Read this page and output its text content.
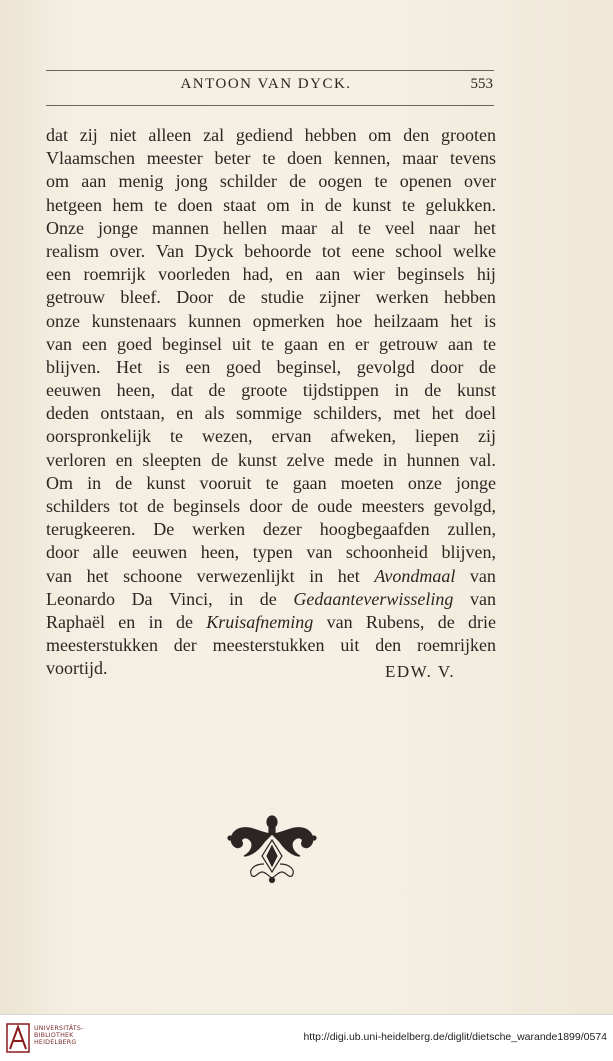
ANTOON VAN DYCK.	553
dat zij niet alleen zal gediend hebben om den grooten
Vlaamschen meester beter te doen kennen, maar tevens
om aan menig jong schilder de oogen te openen over
hetgeen hem te doen staat om in de kunst te gelukken.
Onze jonge mannen hellen maar al te veel naar het
realism over. Van Dyck behoorde tot eene school welke
een roemrijk voorleden had, en aan wier beginsels hij
getrouw bleef. Door de studie zijner werken hebben
onze kunstenaars kunnen opmerken hoe heilzaam het is
van een goed beginsel uit te gaan en er getrouw aan te
blijven. Het is een goed beginsel, gevolgd door de
eeuwen heen, dat de groote tijdstippen in de kunst
deden ontstaan, en als sommige schilders, met het doel
oorspronkelijk te wezen, ervan afweken, liepen zij
verloren en sleepten de kunst zelve mede in hunnen val.
Om in de kunst vooruit te gaan moeten onze jonge
schilders tot de beginsels door de oude meesters gevolgd,
terugkeeren. De werken dezer hoogbegaafden zullen,
door alle eeuwen heen, typen van schoonheid blijven,
van het schoone verwezenlijkt in het Avondmaal van
Leonardo Da Vinci, in de Gedaanteverwisseling van
Raphaël en in de Kruisafneming van Rubens, de drie
meesterstukken der meesterstukken uit den roemrijken
voortijd.	EDW. V.
UNIVERSITÄTS-
BIBLIOTHEK
HEIDELBERG	http://digi.ub.uni-heidelberg.de/diglit/dietsche_warande1899/0574
